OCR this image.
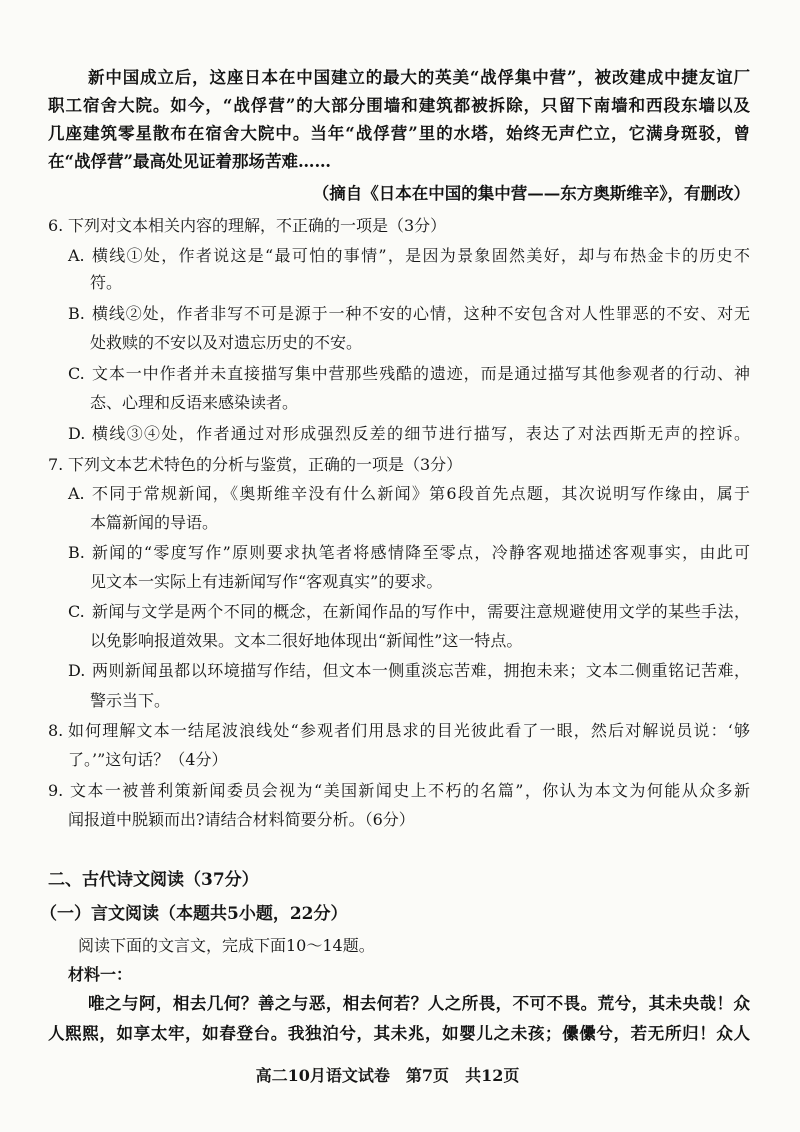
新中国成立后，这座日本在中国建立的最大的英美“战俘集中营”，被改建成中捷友谊厂
职工宿舍大院。如今，“战俘营”的大部分围墙和建筑都被拆除，只留下南墙和西段东墙以及
几座建筑零星散布在宿舍大院中。当年“战俘营”里的水塔，始终无声伫立，它满身斑驳，曾
在“战俘营”最高处见证着那场苦难……
（摘自《日本在中国的集中营——东方奥斯维辛》，有删改）
6. 下列对文本相关内容的理解，不正确的一项是（3分）
A. 横线①处，作者说这是“最可怕的事情”，是因为景象固然美好，却与布热金卡的历史不
符。
B. 横线②处，作者非写不可是源于一种不安的心情，这种不安包含对人性罪恶的不安、对无
处救赎的不安以及对遗忘历史的不安。
C. 文本一中作者并未直接描写集中营那些残酷的遗迹，而是通过描写其他参观者的行动、神
态、心理和反语来感染读者。
D. 横线③④处，作者通过对形成强烈反差的细节进行描写，表达了对法西斯无声的控诉。
7. 下列文本艺术特色的分析与鉴赏，正确的一项是（3分）
A. 不同于常规新闻，《奥斯维辛没有什么新闻》第6段首先点题，其次说明写作缘由，属于
本篇新闻的导语。
B. 新闻的“零度写作”原则要求执笔者将感情降至零点，冷静客观地描述客观事实，由此可
见文本一实际上有违新闻写作“客观真实”的要求。
C. 新闻与文学是两个不同的概念，在新闻作品的写作中，需要注意规避使用文学的某些手法，
以免影响报道效果。文本二很好地体现出“新闻性”这一特点。
D. 两则新闻虽都以环境描写作结，但文本一侧重淡忘苦难，拥抱未来；文本二侧重铭记苦难，
警示当下。
8. 如何理解文本一结尾波浪线处“参观者们用恳求的目光彼此看了一眼，然后对解说员说：‘够
了。’”这句话？（4分）
9. 文本一被普利策新闻委员会视为“美国新闻史上不朽的名篇”，你认为本文为何能从众多新
闻报道中脱颖而出?请结合材料简要分析。（6分）
二、古代诗文阅读（37分）
（一）言文阅读（本题共5小题，22分）
阅读下面的文言文，完成下面10～14题。
材料一：
唯之与阿，相去几何？善之与恶，相去何若？人之所畏，不可不畏。荒兮，其未央哉！众
人熙熙，如享太牢，如春登台。我独泊兮，其未兆，如婴儿之未孩；儽儽兮，若无所归！众人
高二10月语文试卷 第7页 共12页
